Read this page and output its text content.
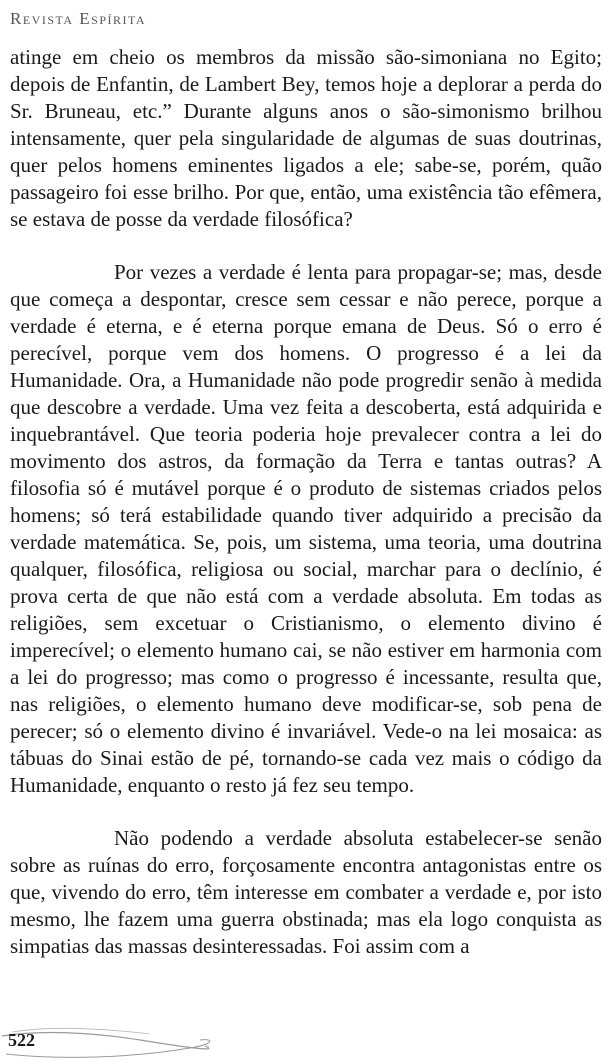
Revista Espírita

atinge em cheio os membros da missão são-simoniana no Egito; depois de Enfantin, de Lambert Bey, temos hoje a deplorar a perda do Sr. Bruneau, etc.” Durante alguns anos o são-simonismo brilhou intensamente, quer pela singularidade de algumas de suas doutrinas, quer pelos homens eminentes ligados a ele; sabe-se, porém, quão passageiro foi esse brilho. Por que, então, uma existência tão efêmera, se estava de posse da verdade filosófica?

Por vezes a verdade é lenta para propagar-se; mas, desde que começa a despontar, cresce sem cessar e não perece, porque a verdade é eterna, e é eterna porque emana de Deus. Só o erro é perecível, porque vem dos homens. O progresso é a lei da Humanidade. Ora, a Humanidade não pode progredir senão à medida que descobre a verdade. Uma vez feita a descoberta, está adquirida e inquebrantável. Que teoria poderia hoje prevalecer contra a lei do movimento dos astros, da formação da Terra e tantas outras? A filosofia só é mutável porque é o produto de sistemas criados pelos homens; só terá estabilidade quando tiver adquirido a precisão da verdade matemática. Se, pois, um sistema, uma teoria, uma doutrina qualquer, filosófica, religiosa ou social, marchar para o declínio, é prova certa de que não está com a verdade absoluta. Em todas as religiões, sem excetuar o Cristianismo, o elemento divino é imperecível; o elemento humano cai, se não estiver em harmonia com a lei do progresso; mas como o progresso é incessante, resulta que, nas religiões, o elemento humano deve modificar-se, sob pena de perecer; só o elemento divino é invariável. Vede-o na lei mosaica: as tábuas do Sinai estão de pé, tornando-se cada vez mais o código da Humanidade, enquanto o resto já fez seu tempo.

Não podendo a verdade absoluta estabelecer-se senão sobre as ruínas do erro, forçosamente encontra antagonistas entre os que, vivendo do erro, têm interesse em combater a verdade e, por isto mesmo, lhe fazem uma guerra obstinada; mas ela logo conquista as simpatias das massas desinteressadas. Foi assim com a

522
